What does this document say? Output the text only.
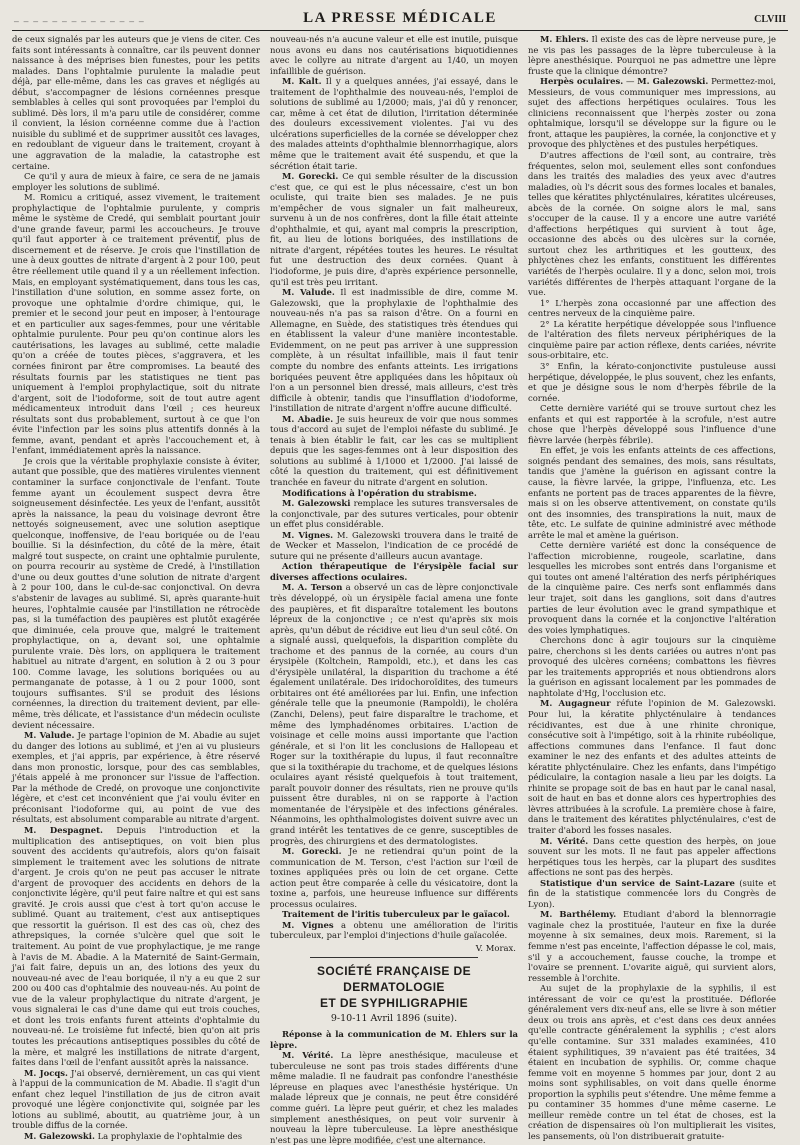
— — — — — — — — — — — — — —	LA PRESSE MÉDICALE	CLVIII

de ceux signalés par les auteurs que je viens de citer. Ces faits sont intéressants à connaître, car ils peuvent donner naissance à des méprises bien funestes, pour les petits malades. Dans l'ophtalmie purulente la maladie peut déjà, par elle-même, dans les cas graves et négligés au début, s'accompagner de lésions cornéennes presque semblables à celles qui sont provoquées par l'emploi du sublimé. Dès lors, il m'a paru utile de considérer, comme il convient, la lésion cornéenne comme due à l'action nuisible du sublimé et de supprimer aussitôt ces lavages, en redoublant de vigueur dans le traitement, croyant à une aggravation de la maladie, la catastrophe est certaine.

Ce qu'il y aura de mieux à faire, ce sera de ne jamais employer les solutions de sublimé.

M. Romicu a critiqué, assez vivement, le traitement prophylactique de l'ophtalmie purulente, y compris même le système de Credé, qui semblait pourtant jouir d'une grande faveur, parmi les accoucheurs. Je trouve qu'il faut apporter à ce traitement préventif, plus de discernement et de réserve. Je crois que l'instillation de une à deux gouttes de nitrate d'argent à 2 pour 100, peut être réellement utile quand il y a un réellement infection. Mais, en employant systématiquement, dans tous les cas, l'instillation d'une solution, en somme assez forte, on provoque une ophtalmie d'ordre chimique, qui, le premier et le second jour peut en imposer, à l'entourage et en particulier aux sages-femmes, pour une véritable ophtalmie purulente. Pour peu qu'on continue alors les cautérisations, les lavages au sublimé, cette maladie qu'on a créée de toutes pièces, s'aggravera, et les cornées finiront par être compromises. La beauté des résultats fournis par les statistiques ne tient pas uniquement à l'emploi prophylactique, soit du nitrate d'argent, soit de l'iodoforme, soit de tout autre agent médicamenteux introduit dans l'œil ; ces heureux résultats sont dus probablement, surtout à ce que l'on évite l'infection par les soins plus attentifs donnés à la femme, avant, pendant et après l'accouchement et, à l'enfant, immédiatement après la naissance.

Je crois que la véritable prophylaxie consiste à éviter, autant que possible, que des matières virulentes viennent contaminer la surface conjonctivale de l'enfant. Toute femme ayant un écoulement suspect devra être soigneusement désinfectée. Les yeux de l'enfant, aussitôt après la naissance, la peau du voisinage devront être nettoyés soigneusement, avec une solution aseptique quelconque, inoffensive, de l'eau boriquée ou de l'eau bouillie. Si la désinfection, du côté de la mère, était malgré tout suspecte, on craint une ophtalmie purulente, on pourra recourir au système de Credé, à l'instillation d'une ou deux gouttes d'une solution de nitrate d'argent à 2 pour 100, dans le cul-de-sac conjonctival. On devra s'abstenir de lavages au sublimé. Si, après quarante-huit heures, l'ophtalmie causée par l'instillation ne rétrocède pas, si la tuméfaction des paupières est plutôt exagérée que diminuée, cela prouve que, malgré le traitement prophylactique, on a, devant soi, une ophtalmie purulente vraie. Dès lors, on appliquera le traitement habituel au nitrate d'argent, en solution à 2 ou 3 pour 100. Comme lavage, les solutions boriquées ou au permanganate de potasse, à 1 ou 2 pour 1000, sont toujours suffisantes. S'il se produit des lésions cornéennes, la direction du traitement devient, par elle-même, très délicate, et l'assistance d'un médecin oculiste devient nécessaire.

M. Valude. Je partage l'opinion de M. Abadie au sujet du danger des lotions au sublimé, et j'en ai vu plusieurs exemples, et j'ai appris, par expérience, à être réservé dans mon pronostic, lorsque, pour des cas semblables, j'étais appelé à me prononcer sur l'issue de l'affection. Par la méthode de Credé, on provoque une conjonctivite légère, et c'est cet inconvénient que j'ai voulu éviter en préconisant l'iodoforme qui, au point de vue des résultats, est absolument comparable au nitrate d'argent.

M. Despagnet. Depuis l'introduction et la multiplication des antiseptiques, on voit bien plus souvent des accidents qu'autrefois, alors qu'on faisait simplement le traitement avec les solutions de nitrate d'argent. Je crois qu'on ne peut pas accuser le nitrate d'argent de provoquer des accidents en dehors de la conjonctivite légère, qu'il peut faire naître et qui est sans gravité. Je crois aussi que c'est à tort qu'on accuse le sublimé. Quant au traitement, c'est aux antiseptiques que ressortit la guérison. Il est des cas où, chez des athrepsiques, la cornée s'ulcère quel que soit le traitement. Au point de vue prophylactique, je me range à l'avis de M. Abadie. A la Maternité de Saint-Germain, j'ai fait faire, depuis un an, des lotions des yeux du nouveau-né avec de l'eau boriquée, il n'y a eu que 2 sur 200 ou 400 cas d'ophtalmie des nouveau-nés. Au point de vue de la valeur prophylactique du nitrate d'argent, je vous signalerai le cas d'une dame qui eut trois couches, et dont les trois enfants furent atteints d'ophtalmie du nouveau-né. Le troisième fut infecté, bien qu'on ait pris toutes les précautions antiseptiques possibles du côté de la mère, et malgré les instillations de nitrate d'argent, faites dans l'œil de l'enfant aussitôt après la naissance.

M. Jocqs. J'ai observé, dernièrement, un cas qui vient à l'appui de la communication de M. Abadie. Il s'agit d'un enfant chez lequel l'instillation de jus de citron avait provoqué une légère conjonctivite qui, soignée par les lotions au sublimé, aboutit, au quatrième jour, à un trouble diffus de la cornée.

M. Galezowski. La prophylaxie de l'ophtalmie des

nouveau-nés n'a aucune valeur et elle est inutile, puisque nous avons eu dans nos cautérisations biquotidiennes avec le collyre au nitrate d'argent au 1/40, un moyen infaillible de guérison.

M. Kalt. Il y a quelques années, j'ai essayé, dans le traitement de l'ophthalmie des nouveau-nés, l'emploi de solutions de sublimé au 1/2000; mais, j'ai dû y renoncer, car, même à cet état de dilution, l'irritation déterminée des douleurs excessivement violentes. J'ai vu des ulcérations superficielles de la cornée se développer chez des malades atteints d'ophthalmie blennorrhagique, alors même que le traitement avait été suspendu, et que la sécrétion était tarie.

M. Gorecki. Ce qui semble résulter de la discussion c'est que, ce qui est le plus nécessaire, c'est un bon oculiste, qui traite bien ses malades. Je ne puis m'empêcher de vous signaler un fait malheureux, survenu à un de nos confrères, dont la fille était atteinte d'ophthalmie, et qui, ayant mal compris la prescription, fit, au lieu de lotions boriquées, des instillations de nitrate d'argent, répétées toutes les heures. Le résultat fut une destruction des deux cornées. Quant à l'iodoforme, je puis dire, d'après expérience personnelle, qu'il est très peu irritant.

M. Valude. Il est inadmissible de dire, comme M. Galezowski, que la prophylaxie de l'ophthalmie des nouveau-nés n'a pas sa raison d'être. On a fourni en Allemagne, en Suède, des statistiques très étendues qui en établissent la valeur d'une manière incontestable. Evidemment, on ne peut pas arriver à une suppression complète, à un résultat infaillible, mais il faut tenir compte du nombre des enfants atteints. Les irrigations boriquées peuvent être appliquées dans les hôpitaux où l'on a un personnel bien dressé, mais ailleurs, c'est très difficile à obtenir, tandis que l'insufflation d'iodoforme, l'instillation de nitrate d'argent n'offre aucune difficulté.

M. Abadie. Je suis heureux de voir que nous sommes tous d'accord au sujet de l'emploi néfaste du sublimé. Je tenais à bien établir le fait, car les cas se multiplient depuis que les sages-femmes ont à leur disposition des solutions au sublimé à 1/1000 et 1/2000. J'ai laissé de côté la question du traitement, qui est définitivement tranchée en faveur du nitrate d'argent en solution.

Modifications à l'opération du strabisme.

M. Galezowski remplace les sutures transversales de la conjonctivale, par des sutures verticales, pour obtenir un effet plus considérable.

M. Vignes. M. Galezowski trouvera dans le traité de de Wecker et Masselon, l'indication de ce procédé de suture qui ne présente d'ailleurs aucun avantage.

Action thérapeutique de l'érysipèle facial sur diverses affections oculaires.

M. A. Terson a observé un cas de lèpre conjonctivale très développé, où un érysipèle facial amena une fonte des paupières, et fit disparaître totalement les boutons lépreux de la conjonctive ; ce n'est qu'après six mois après, qu'un début de récidive eut lieu d'un seul côté. On a signalé aussi, quelquefois, la disparition complète du trachome et des pannus de la cornée, au cours d'un érysipèle (Koltchein, Rampoldi, etc.), et dans les cas d'érysipèle unilatéral, la disparition du trachome a été également unilatérale. Des iridochoroïdites, des tumeurs orbitaires ont été améliorées par lui. Enfin, une infection générale telle que la pneumonie (Rampoldi), le choléra (Zanchi, Delens), peut faire disparaître le trachome, et même des lymphadénomes orbitaires. L'action de voisinage et celle moins aussi importante que l'action générale, et si l'on lit les conclusions de Hallopeau et Roger sur la toxithérapie du lupus, il faut reconnaître que si la toxithérapie du trachome, et de quelques lésions oculaires ayant résisté quelquefois à tout traitement, paraît pouvoir donner des résultats, rien ne prouve qu'ils puissent être durables, ni on se rapporte à l'action momentanée de l'érysipèle et des infections générales. Néanmoins, les ophthalmologistes doivent suivre avec un grand intérêt les tentatives de ce genre, susceptibles de progrès, des chirurgiens et des dermatologistes.

M. Gorecki. Je ne retiendrai qu'un point de la communication de M. Terson, c'est l'action sur l'œil de toxines appliquées près ou loin de cet organe. Cette action peut être comparée à celle du vésicatoire, dont la toxine a, parfois, une heureuse influence sur différents processus oculaires.

Traitement de l'iritis tuberculeux par le gaïacol.

M. Vignes a obtenu une amélioration de l'iritis tuberculeux, par l'emploi d'injections d'huile gaïacolée.

V. Morax.
SOCIÉTÉ FRANÇAISE DE DERMATOLOGIE
ET DE SYPHILIGRAPHIE
9-10-11 Avril 1896 (suite).

Réponse à la communication de M. Ehlers sur la lèpre.

M. Vérité. La lèpre anesthésique, maculeuse et tuberculeuse ne sont pas trois stades différents d'une même maladie. Il ne faudrait pas confondre l'anesthésie lépreuse en plaques avec l'anesthésie hystérique. Un malade lépreux que je connais, ne peut être considéré comme guéri. La lèpre peut guérir, et chez les malades simplement anesthésiques, on peut voir survenir à nouveau la lèpre tuberculeuse. La lèpre anesthésique n'est pas une lèpre modifiée, c'est une alternance.

M. Ehlers. Il existe des cas de lèpre nerveuse pure, je ne vis pas les passages de la lèpre tuberculeuse à la lèpre anesthésique. Pourquoi ne pas admettre une lèpre fruste que la clinique démontre?

Herpès oculaires. — M. Galezowski. Permettez-moi, Messieurs, de vous communiquer mes impressions, au sujet des affections herpétiques oculaires. Tous les cliniciens reconnaissent que l'herpès zoster ou zona ophtalmique, lorsqu'il se développe sur la figure ou le front, attaque les paupières, la cornée, la conjonctive et y provoque des phlyctènes et des pustules herpétiques.

D'autres affections de l'œil sont, au contraire, très fréquentes, selon moi, seulement elles sont confondues dans les traités des maladies des yeux avec d'autres maladies, où l's décrit sous des formes locales et banales, telles que kératites phlycténulaires, kératites ulcéreuses, abcès de la cornée. On soigne alors le mal, sans s'occuper de la cause. Il y a encore une autre variété d'affections herpétiques qui survient à tout âge, occasionne des abcès ou des ulcères sur la cornée, surtout chez les arthritiques et les goutteux, des phlyctènes chez les enfants, constituent les différentes variétés de l'herpès oculaire. Il y a donc, selon moi, trois variétés différentes de l'herpès attaquant l'organe de la vue.

1° L'herpès zona occasionné par une affection des centres nerveux de la cinquième paire.

2° La kératite herpétique développée sous l'influence de l'altération des filets nerveux périphériques de la cinquième paire par action réflexe, dents cariées, névrite sous-orbitaire, etc.

3° Enfin, la kérato-conjonctivite pustuleuse aussi herpétique, développée, le plus souvent, chez les enfants, et que je désigne sous le nom d'herpès fébrile de la cornée.

Cette dernière variété qui se trouve surtout chez les enfants et qui est rapportée à la scrofule, n'est autre chose que l'herpès développé sous l'influence d'une fièvre larvée (herpès fébrile).

En effet, je vois les enfants atteints de ces affections, soignés pendant des semaines, des mois, sans résultats, tandis que j'amène la guérison en agissant contre la cause, la fièvre larvée, la grippe, l'influenza, etc. Les enfants ne portent pas de traces apparentes de la fièvre, mais si on les observe attentivement, on constate qu'ils ont des insomnies, des transpirations la nuit, maux de tête, etc. Le sulfate de quinine administré avec méthode arrête le mal et amène la guérison.

Cette dernière variété est donc la conséquence de l'affection microbienne, rougeole, scarlatine, dans lesquelles les microbes sont entrés dans l'organisme et qui toutes ont amené l'altération des nerfs périphériques de la cinquième paire. Ces nerfs sont enflammés dans leur trajet, soit dans les ganglions, soit dans d'autres parties de leur évolution avec le grand sympathique et provoquent dans la cornée et la conjonctive l'altération des voies lymphatiques.

Cherchons donc à agir toujours sur la cinquième paire, cherchons si les dents cariées ou autres n'ont pas provoqué des ulcères cornéens; combattons les fièvres par les traitements appropriés et nous obtiendrons alors la guérison en agissant localement par les pommades de naphtolate d'Hg, l'occlusion etc.

M. Augagneur réfute l'opinion de M. Galezowski. Pour lui, la kératite phlycténulaire à tendances récidivantes, est due à une rhinite chronique, consécutive soit à l'impétigo, soit à la rhinite rubéolique, affections communes dans l'enfance. Il faut donc examiner le nez des enfants et des adultes atteints de kératite phlycténulaire. Chez les enfants, dans l'impétigo pédiculaire, la contagion nasale a lieu par les doigts. La rhinite se propage soit de bas en haut par le canal nasal, soit de haut en bas et donne alors ces hypertrophies des lèvres attribuées à la scrofule. La première chose à faire, dans le traitement des kératites phlycténulaires, c'est de traiter d'abord les fosses nasales.

M. Vérité. Dans cette question des herpès, on joue souvent sur les mots. Il ne faut pas appeler affections herpétiques tous les herpès, car la plupart des susdites affections ne sont pas des herpès.

Statistique d'un service de Saint-Lazare (suite et fin de la statistique commencée lors du Congrès de Lyon).

M. Barthélemy. Etudiant d'abord la blennorragie vaginale chez la prostituée, l'auteur en fixe la durée moyenne à six semaines, deux mois. Rarement, si la femme n'est pas enceinte, l'affection dépasse le col, mais, s'il y a accouchement, fausse couche, la trompe et l'ovaire se prennent. L'ovarite aiguë, qui survient alors, ressemble à l'orchite.

Au sujet de la prophylaxie de la syphilis, il est intéressant de voir ce qu'est la prostituée. Déflorée généralement vers dix-neuf ans, elle se livre à son métier deux ou trois ans après, et c'est dans ces deux années qu'elle contracte généralement la syphilis ; c'est alors qu'elle contamine. Sur 331 malades examinées, 410 étaient syphilitiques, 39 n'avaient pas été traitées, 34 étaient en incubation de syphilis. Or, comme chaque femme voit en moyenne 5 hommes par jour, dont 2 au moins sont syphilisables, on voit dans quelle énorme proportion la syphilis peut s'étendre. Une même femme a pu contaminer 35 hommes d'une même caserne. Le meilleur remède contre un tel état de choses, est la création de dispensaires où l'on multiplierait les visites, les pansements, où l'on distribuerait gratuite-
